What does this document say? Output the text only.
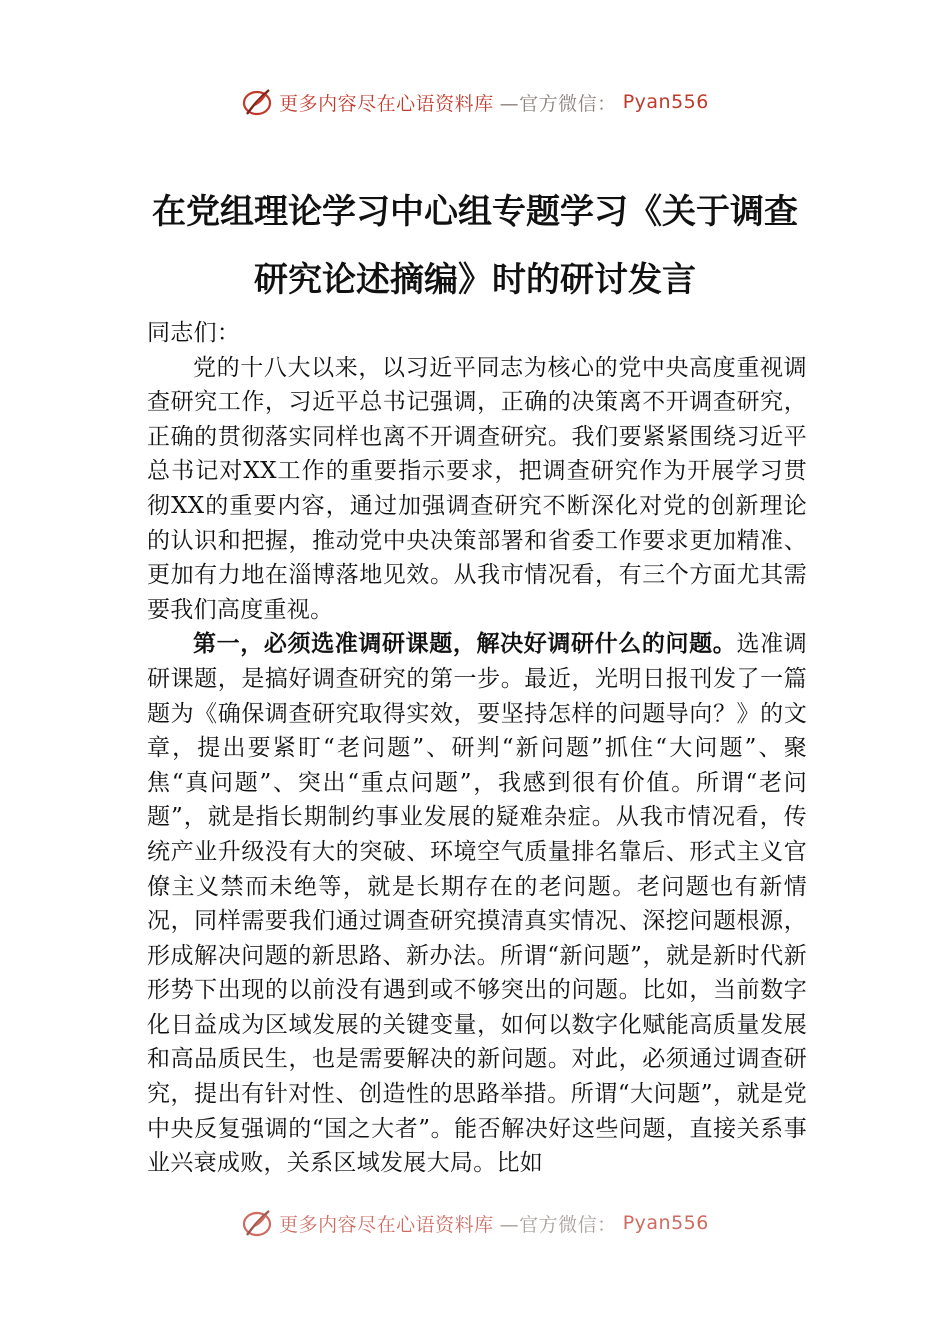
更多内容尽在心语资料库 —官方微信： Pyan556
在党组理论学习中心组专题学习《关于调查研究论述摘编》时的研讨发言

同志们：

党的十八大以来，以习近平同志为核心的党中央高度重视调查研究工作，习近平总书记强调，正确的决策离不开调查研究，正确的贯彻落实同样也离不开调查研究。我们要紧紧围绕习近平总书记对XX工作的重要指示要求，把调查研究作为开展学习贯彻XX的重要内容，通过加强调查研究不断深化对党的创新理论的认识和把握，推动党中央决策部署和省委工作要求更加精准、更加有力地在淄博落地见效。从我市情况看，有三个方面尤其需要我们高度重视。

第一，必须选准调研课题，解决好调研什么的问题。选准调研课题，是搞好调查研究的第一步。最近，光明日报刊发了一篇题为《确保调查研究取得实效，要坚持怎样的问题导向？》的文章，提出要紧盯“老问题”、研判“新问题”抓住“大问题”、聚焦“真问题”、突出“重点问题”，我感到很有价值。所谓“老问题”，就是指长期制约事业发展的疑难杂症。从我市情况看，传统产业升级没有大的突破、环境空气质量排名靠后、形式主义官僚主义禁而未绝等，就是长期存在的老问题。老问题也有新情况，同样需要我们通过调查研究摸清真实情况、深挖问题根源，形成解决问题的新思路、新办法。所谓“新问题”，就是新时代新形势下出现的以前没有遇到或不够突出的问题。比如，当前数字化日益成为区域发展的关键变量，如何以数字化赋能高质量发展和高品质民生，也是需要解决的新问题。对此，必须通过调查研究，提出有针对性、创造性的思路举措。所谓“大问题”，就是党中央反复强调的“国之大者”。能否解决好这些问题，直接关系事业兴衰成败，关系区域发展大局。比如

更多内容尽在心语资料库 —官方微信： Pyan556
